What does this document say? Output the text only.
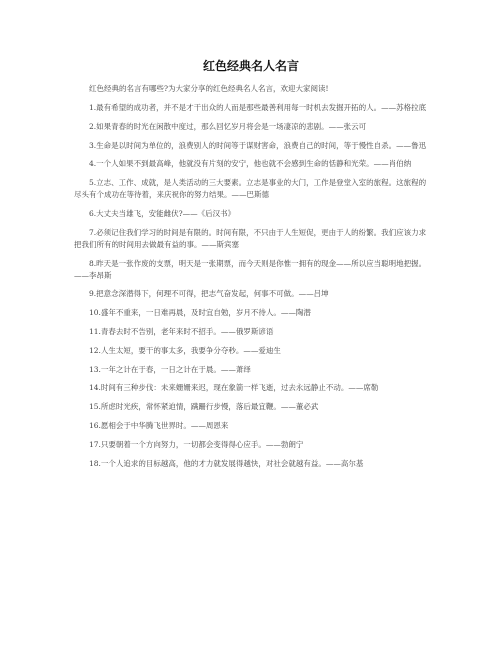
红色经典名人名言

红色经典的名言有哪些?为大家分享的红色经典名人名言，欢迎大家阅读!

1.最有希望的成功者，并不是才干出众的人而是那些最善利用每一时机去发掘开拓的人。——苏格拉底
2.如果青春的时光在闲散中度过，那么回忆岁月将会是一场凄凉的悲剧。——张云可
3.生命是以时间为单位的，浪费别人的时间等于谋财害命，浪费自己的时间，等于慢性自杀。——鲁迅
4.一个人如果不到最高峰，他就没有片刻的安宁，他也就不会感到生命的恬静和光荣。——肖伯纳
5.立志、工作、成就，是人类活动的三大要素。立志是事业的大门，工作是登堂入室的旅程。这旅程的尽头有个成功在等待着，来庆祝你的努力结果。——巴斯德
6.大丈夫当雄飞，安能雌伏?——《后汉书》
7.必须记住我们学习的时间是有限的。时间有限，不只由于人生短促，更由于人的纷繁。我们应该力求把我们所有的时间用去做最有益的事。——斯宾塞
8.昨天是一张作废的支票，明天是一张期票，而今天则是你惟一拥有的现金——所以应当聪明地把握。——李昂斯
9.把意念深潜得下，何理不可得，把志气奋发起，何事不可做。——吕坤
10.盛年不重来，一日难再晨，及时宜自勉，岁月不待人。——陶潜
11.青春去时不告别，老年来时不招手。——俄罗斯谚语
12.人生太短，要干的事太多，我要争分夺秒。——爱迪生
13.一年之计在于春，一日之计在于晨。——萧绎
14.时间有三种步伐：未来姗姗来迟，现在象箭一样飞逝，过去永远静止不动。——席勒
15.所虑时光疾，常怀紧迫情，蹒跚行步慢，落后最宜鞭。——董必武
16.愿相会于中华腾飞世界时。——周恩来
17.只要朝着一个方向努力，一切都会变得得心应手。——勃朗宁
18.一个人追求的目标越高，他的才力就发展得越快，对社会就越有益。——高尔基
